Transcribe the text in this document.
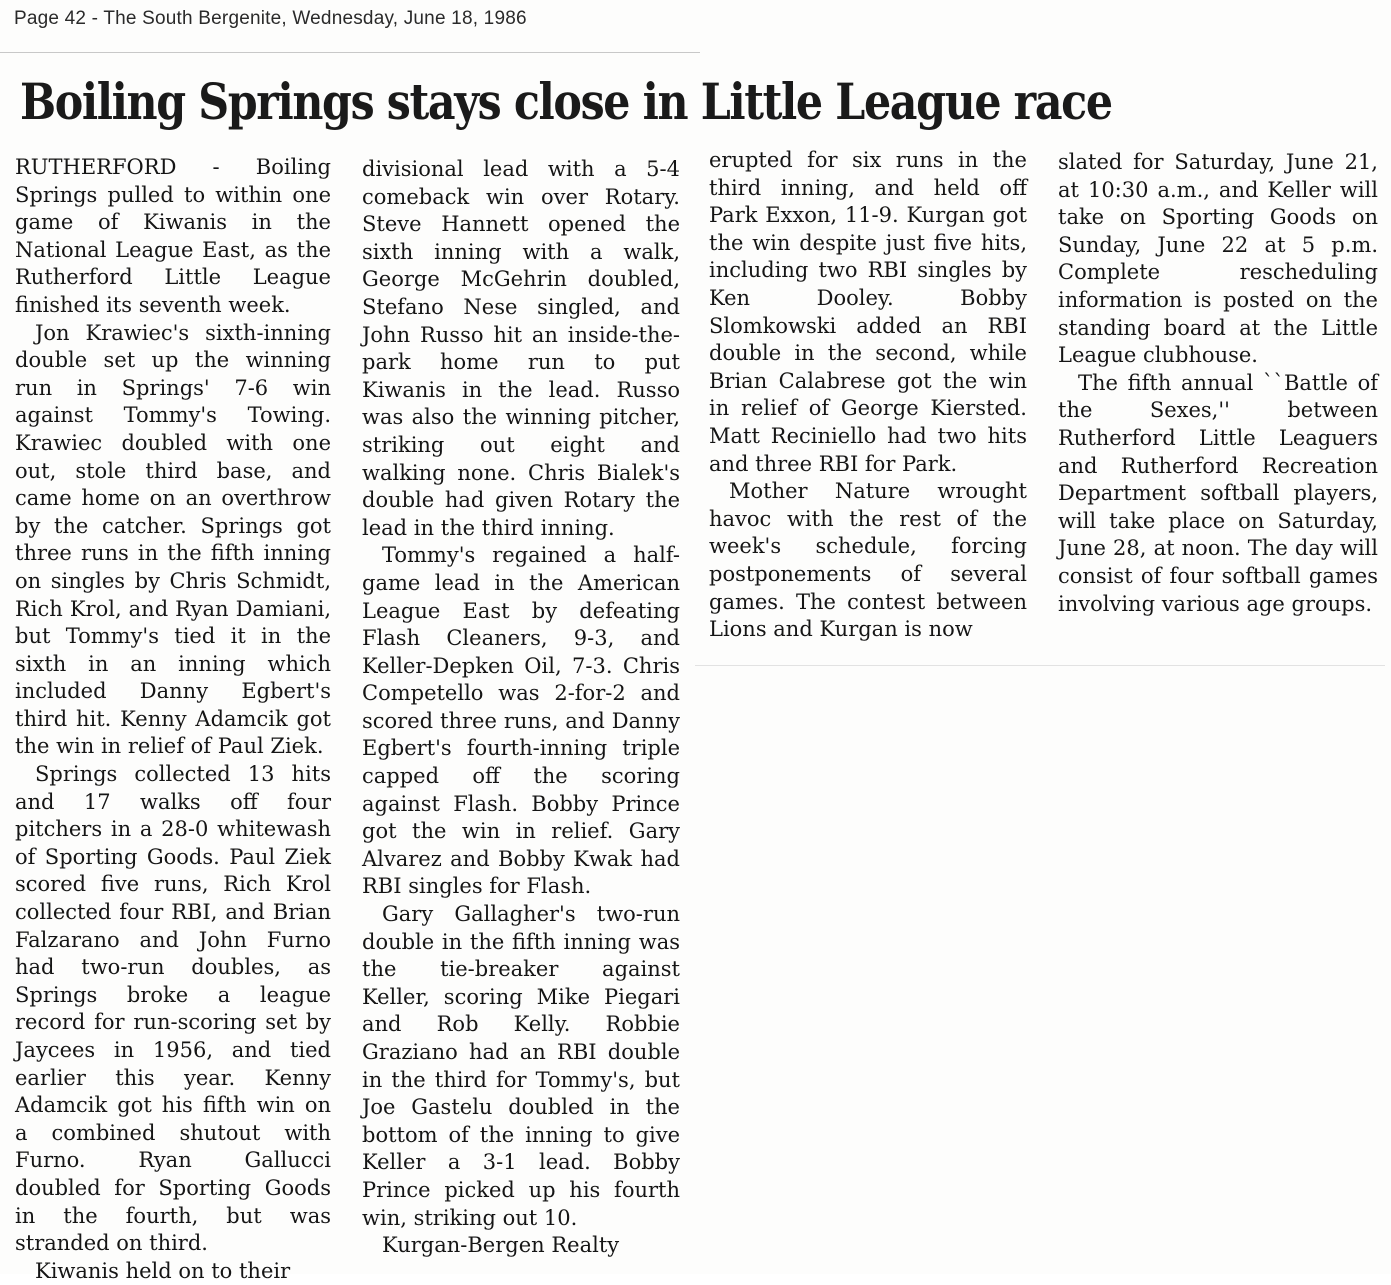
Page 42 - The South Bergenite, Wednesday, June 18, 1986
Boiling Springs stays close in Little League race

RUTHERFORD - Boiling Springs pulled to within one game of Kiwanis in the National League East, as the Rutherford Little League finished its seventh week.

Jon Krawiec's sixth-inning double set up the winning run in Springs' 7-6 win against Tommy's Towing. Krawiec doubled with one out, stole third base, and came home on an overthrow by the catcher. Springs got three runs in the fifth inning on singles by Chris Schmidt, Rich Krol, and Ryan Damiani, but Tommy's tied it in the sixth in an inning which included Danny Egbert's third hit. Kenny Adamcik got the win in relief of Paul Ziek.

Springs collected 13 hits and 17 walks off four pitchers in a 28-0 whitewash of Sporting Goods. Paul Ziek scored five runs, Rich Krol collected four RBI, and Brian Falzarano and John Furno had two-run doubles, as Springs broke a league record for run-scoring set by Jaycees in 1956, and tied earlier this year. Kenny Adamcik got his fifth win on a combined shutout with Furno. Ryan Gallucci doubled for Sporting Goods in the fourth, but was stranded on third.

Kiwanis held on to their

divisional lead with a 5-4 comeback win over Rotary. Steve Hannett opened the sixth inning with a walk, George McGehrin doubled, Stefano Nese singled, and John Russo hit an inside-the-park home run to put Kiwanis in the lead. Russo was also the winning pitcher, striking out eight and walking none. Chris Bialek's double had given Rotary the lead in the third inning.

Tommy's regained a half-game lead in the American League East by defeating Flash Cleaners, 9-3, and Keller-Depken Oil, 7-3. Chris Competello was 2-for-2 and scored three runs, and Danny Egbert's fourth-inning triple capped off the scoring against Flash. Bobby Prince got the win in relief. Gary Alvarez and Bobby Kwak had RBI singles for Flash.

Gary Gallagher's two-run double in the fifth inning was the tie-breaker against Keller, scoring Mike Piegari and Rob Kelly. Robbie Graziano had an RBI double in the third for Tommy's, but Joe Gastelu doubled in the bottom of the inning to give Keller a 3-1 lead. Bobby Prince picked up his fourth win, striking out 10.

Kurgan-Bergen Realty

erupted for six runs in the third inning, and held off Park Exxon, 11-9. Kurgan got the win despite just five hits, including two RBI singles by Ken Dooley. Bobby Slomkowski added an RBI double in the second, while Brian Calabrese got the win in relief of George Kiersted. Matt Reciniello had two hits and three RBI for Park.

Mother Nature wrought havoc with the rest of the week's schedule, forcing postponements of several games. The contest between Lions and Kurgan is now

slated for Saturday, June 21, at 10:30 a.m., and Keller will take on Sporting Goods on Sunday, June 22 at 5 p.m. Complete rescheduling information is posted on the standing board at the Little League clubhouse.

The fifth annual ``Battle of the Sexes,'' between Rutherford Little Leaguers and Rutherford Recreation Department softball players, will take place on Saturday, June 28, at noon. The day will consist of four softball games involving various age groups.
